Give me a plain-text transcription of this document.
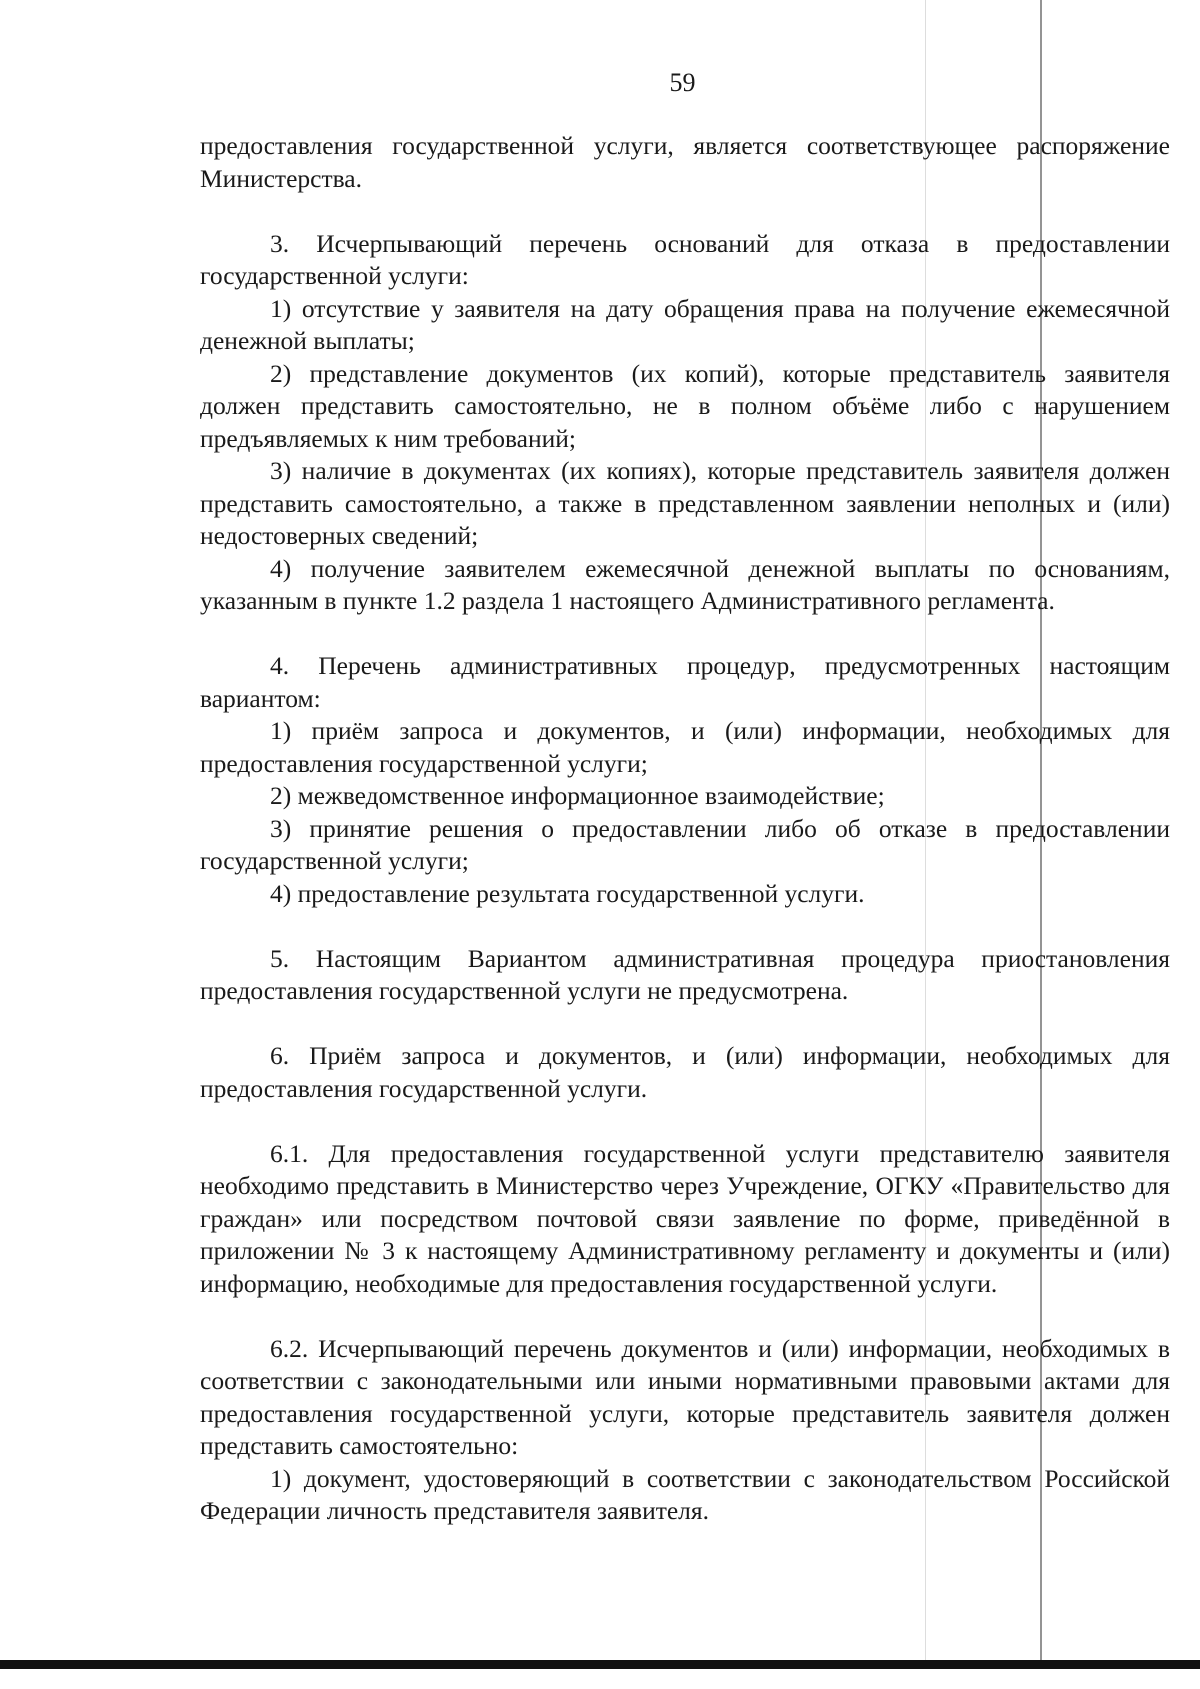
59

предоставления государственной услуги, является соответствующее распоряжение Министерства.

3. Исчерпывающий перечень оснований для отказа в предоставлении государственной услуги:

1) отсутствие у заявителя на дату обращения права на получение ежемесячной денежной выплаты;

2) представление документов (их копий), которые представитель заявителя должен представить самостоятельно, не в полном объёме либо с нарушением предъявляемых к ним требований;

3) наличие в документах (их копиях), которые представитель заявителя должен представить самостоятельно, а также в представленном заявлении неполных и (или) недостоверных сведений;

4) получение заявителем ежемесячной денежной выплаты по основаниям, указанным в пункте 1.2 раздела 1 настоящего Административного регламента.

4. Перечень административных процедур, предусмотренных настоящим вариантом:

1) приём запроса и документов, и (или) информации, необходимых для предоставления государственной услуги;

2) межведомственное информационное взаимодействие;

3) принятие решения о предоставлении либо об отказе в предоставлении государственной услуги;

4) предоставление результата государственной услуги.

5. Настоящим Вариантом административная процедура приостановления предоставления государственной услуги не предусмотрена.

6. Приём запроса и документов, и (или) информации, необходимых для предоставления государственной услуги.

6.1. Для предоставления государственной услуги представителю заявителя необходимо представить в Министерство через Учреждение, ОГКУ «Правительство для граждан» или посредством почтовой связи заявление по форме, приведённой в приложении № 3 к настоящему Административному регламенту и документы и (или) информацию, необходимые для предоставления государственной услуги.

6.2. Исчерпывающий перечень документов и (или) информации, необходимых в соответствии с законодательными или иными нормативными правовыми актами для предоставления государственной услуги, которые представитель заявителя должен представить самостоятельно:

1) документ, удостоверяющий в соответствии с законодательством Российской Федерации личность представителя заявителя.
